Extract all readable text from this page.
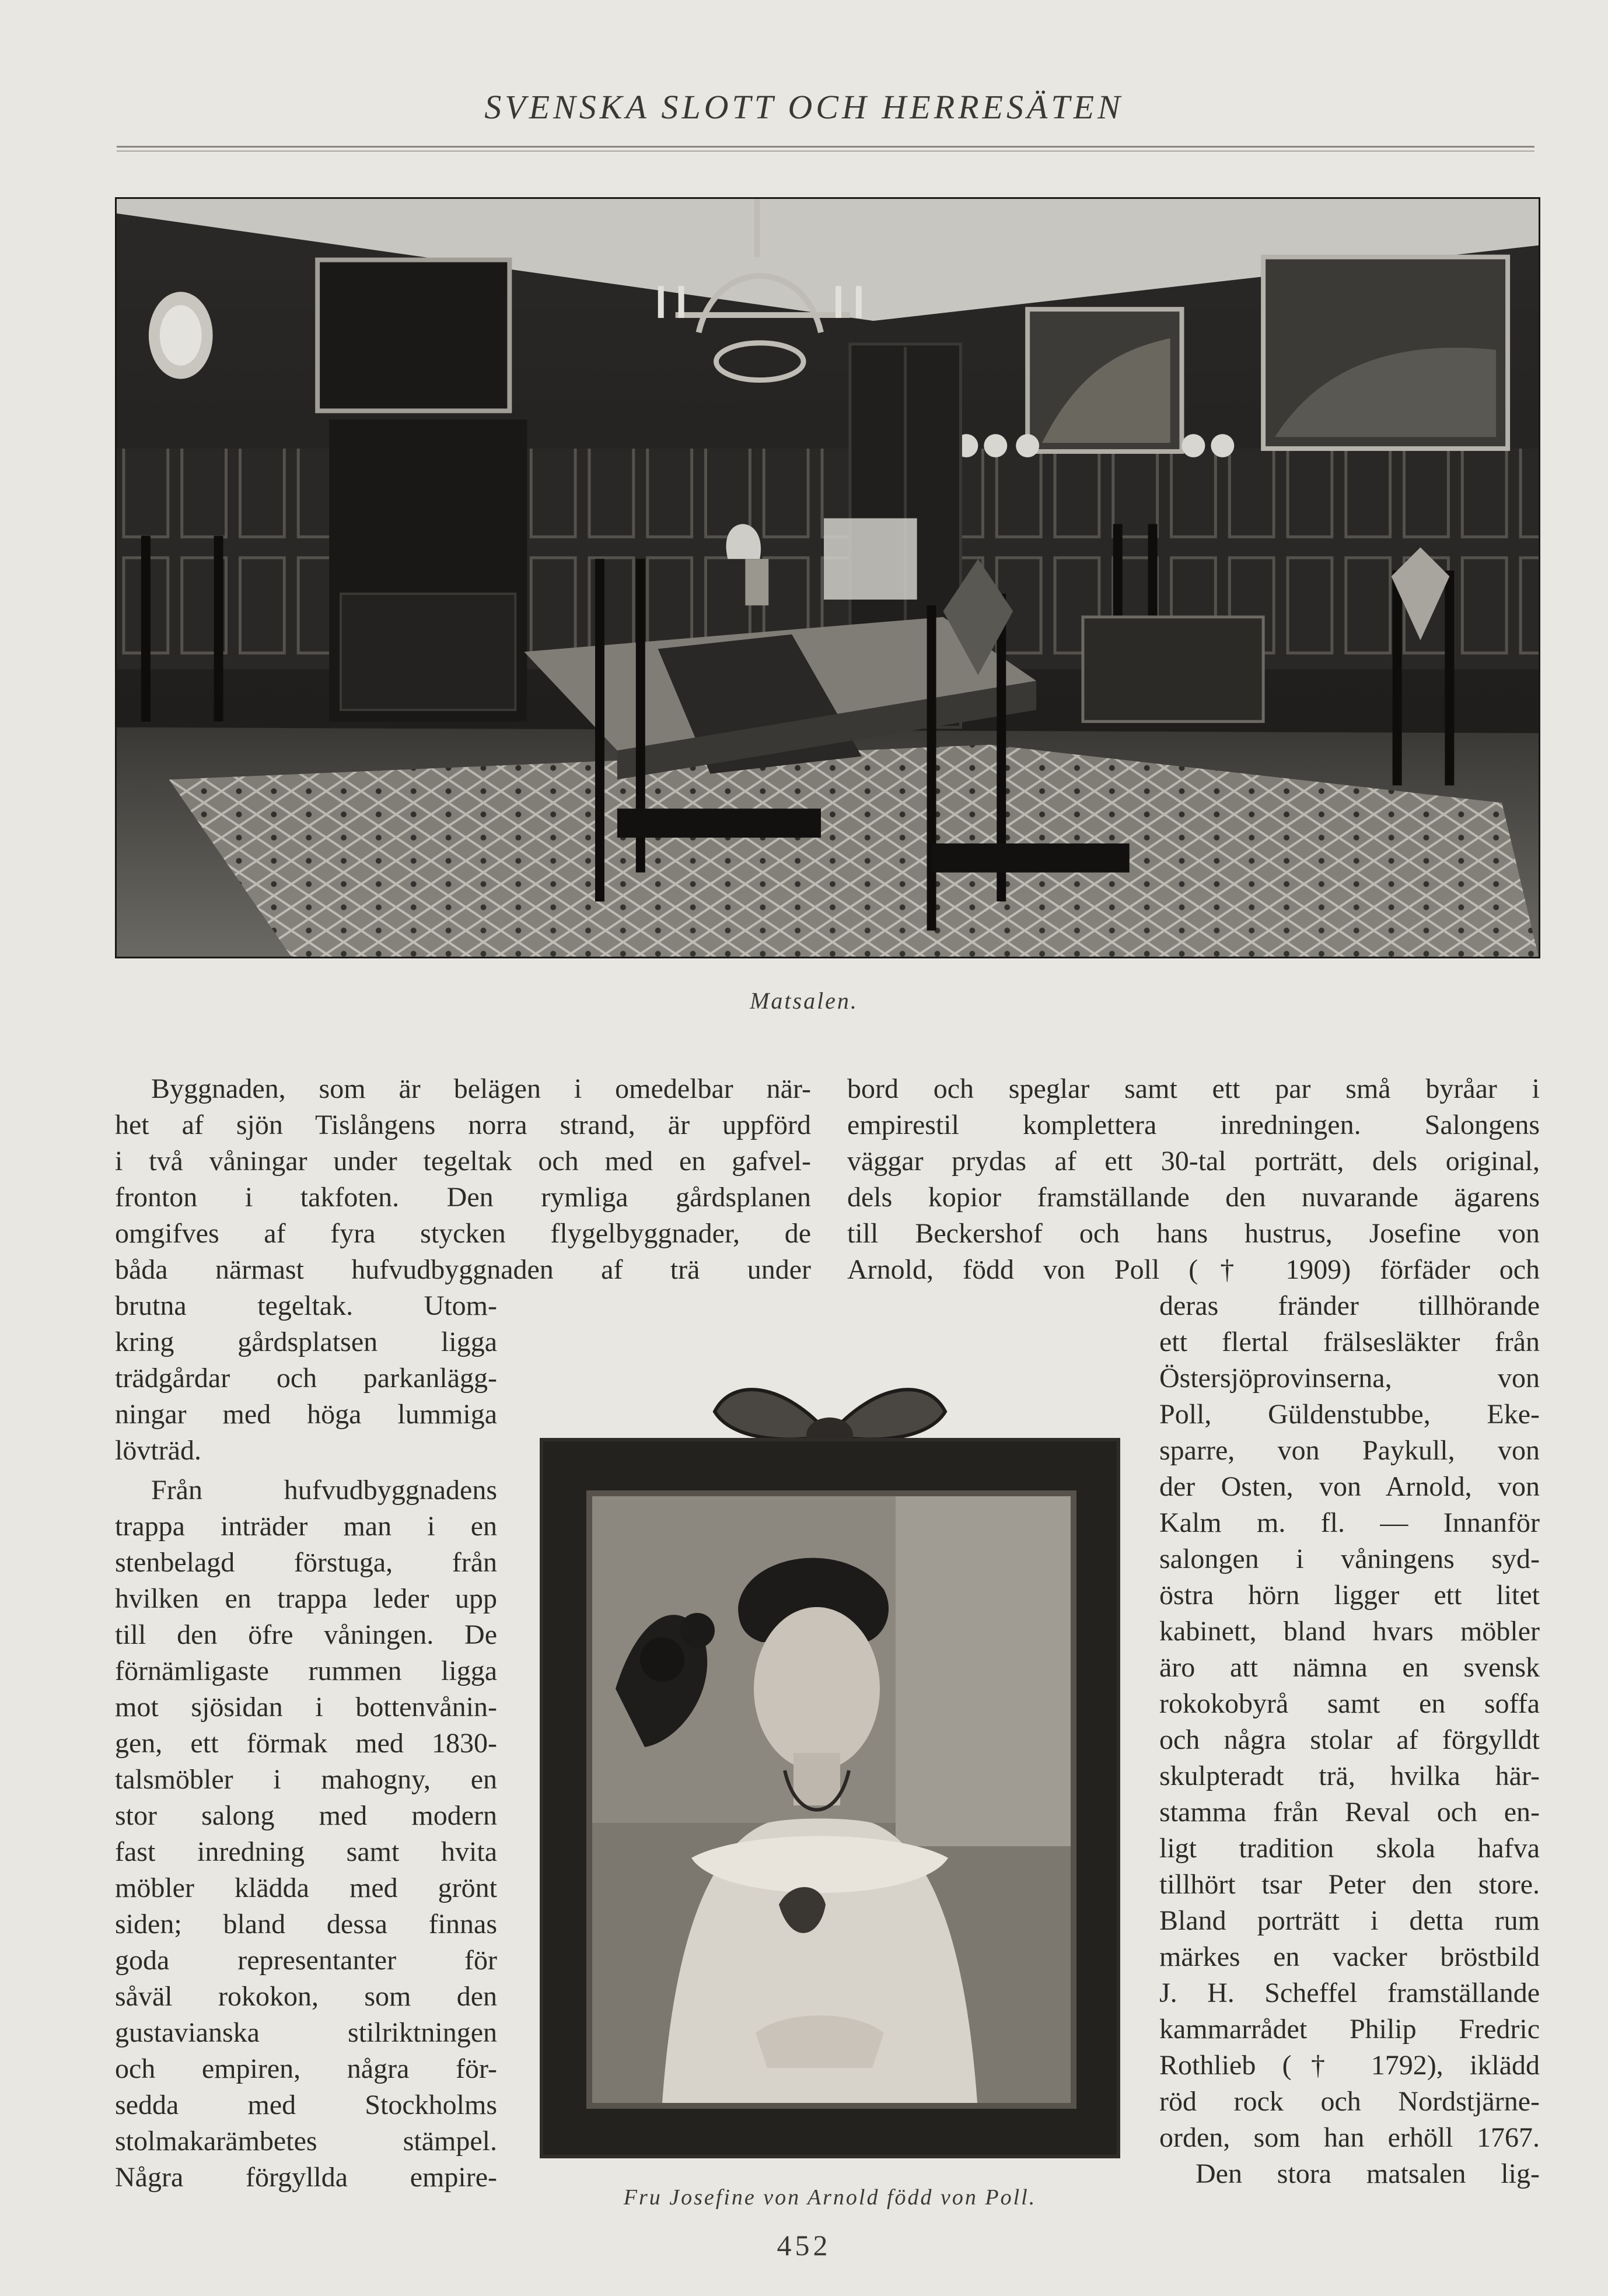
SVENSKA SLOTT OCH HERRESÄTEN
Matsalen.
Byggnaden, som är belägen i omedelbar när-
het af sjön Tislångens norra strand, är uppförd
i två våningar under tegeltak och med en gafvel-
fronton i takfoten. Den rymliga gårdsplanen
omgifves af fyra stycken flygelbyggnader, de
båda närmast hufvudbyggnaden af trä under
brutna tegeltak. Utom-
kring gårdsplatsen ligga
trädgårdar och parkanlägg-
ningar med höga lummiga
lövträd.
Från hufvudbyggnadens
trappa inträder man i en
stenbelagd förstuga, från
hvilken en trappa leder upp
till den öfre våningen. De
förnämligaste rummen ligga
mot sjösidan i bottenvånin-
gen, ett förmak med 1830-
talsmöbler i mahogny, en
stor salong med modern
fast inredning samt hvita
möbler klädda med grönt
siden; bland dessa finnas
goda representanter för
såväl rokokon, som den
gustavianska stilriktningen
och empiren, några för-
sedda med Stockholms
stolmakarämbetes stämpel.
Några förgyllda empire-
bord och speglar samt ett par små byråar i
empirestil komplettera inredningen. Salongens
väggar prydas af ett 30-tal porträtt, dels original,
dels kopior framställande den nuvarande ägarens
till Beckershof och hans hustrus, Josefine von
Arnold, född von Poll († 1909) förfäder och
deras fränder tillhörande
ett flertal frälsesläkter från
Östersjöprovinserna, von
Poll, Güldenstubbe, Eke-
sparre, von Paykull, von
der Osten, von Arnold, von
Kalm m. fl. — Innanför
salongen i våningens syd-
östra hörn ligger ett litet
kabinett, bland hvars möbler
äro att nämna en svensk
rokokobyrå samt en soffa
och några stolar af förgylldt
skulpteradt trä, hvilka här-
stamma från Reval och en-
ligt tradition skola hafva
tillhört tsar Peter den store.
Bland porträtt i detta rum
märkes en vacker bröstbild
J. H. Scheffel framställande
kammarrådet Philip Fredric
Rothlieb († 1792), iklädd
röd rock och Nordstjärne-
orden, som han erhöll 1767.
Den stora matsalen lig-
Fru Josefine von Arnold född von Poll.
452
